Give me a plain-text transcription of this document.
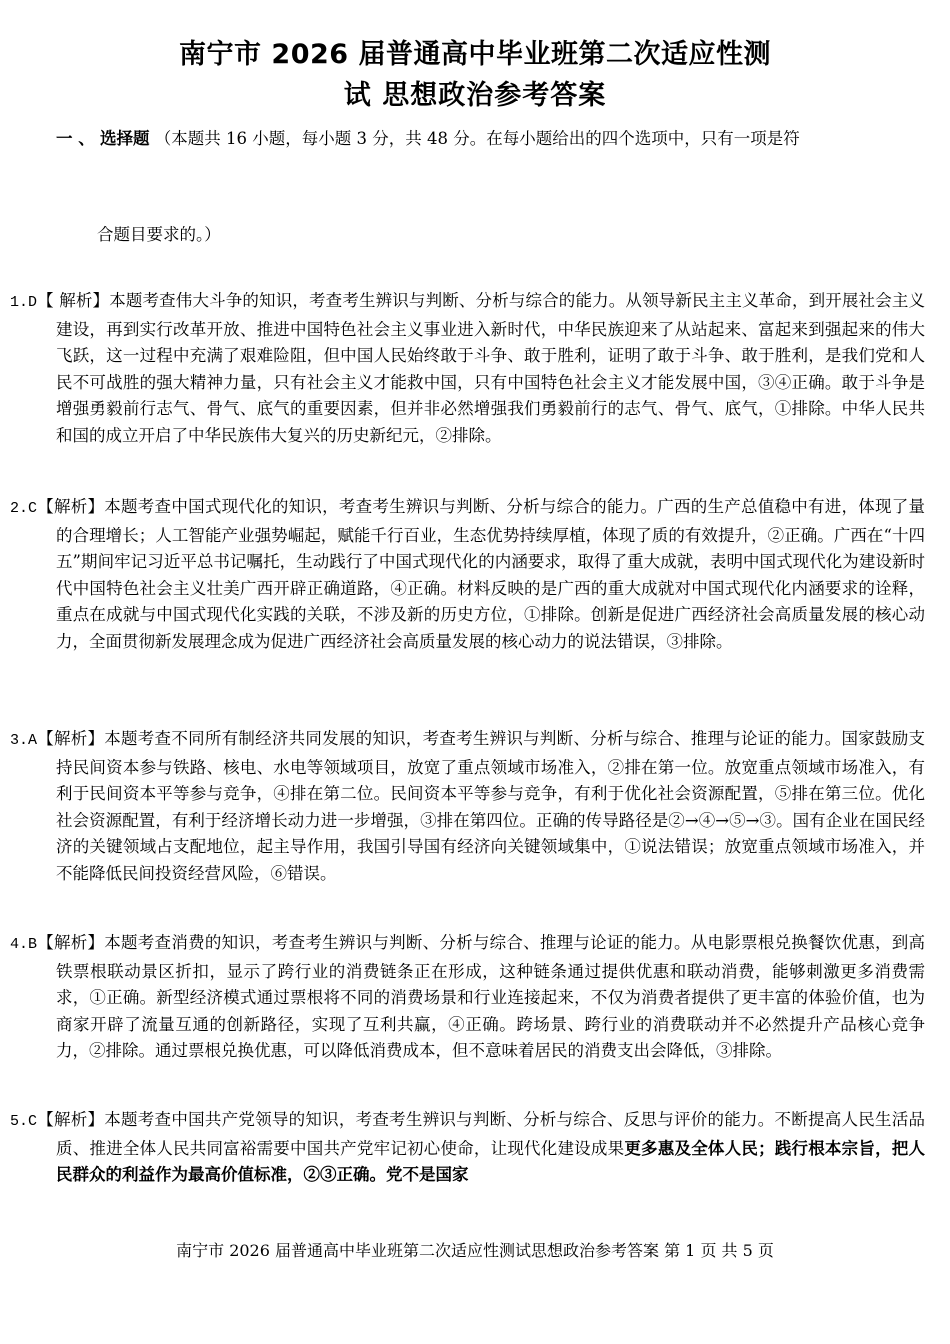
南宁市 2026 届普通高中毕业班第二次适应性测
试 思想政治参考答案
一 、 选择题 （本题共 16 小题，每小题 3 分，共 48 分。在每小题给出的四个选项中，只有一项是符
合题目要求的。）

1.D【 解析】本题考查伟大斗争的知识，考查考生辨识与判断、分析与综合的能力。从领导新民主主义革命，到开展社会主义建设，再到实行改革开放、推进中国特色社会主义事业进入新时代，中华民族迎来了从站起来、富起来到强起来的伟大飞跃，这一过程中充满了艰难险阻，但中国人民始终敢于斗争、敢于胜利，证明了敢于斗争、敢于胜利，是我们党和人民不可战胜的强大精神力量，只有社会主义才能救中国，只有中国特色社会主义才能发展中国，③④正确。敢于斗争是增强勇毅前行志气、骨气、底气的重要因素，但并非必然增强我们勇毅前行的志气、骨气、底气，①排除。中华人民共和国的成立开启了中华民族伟大复兴的历史新纪元，②排除。

2.C【解析】本题考查中国式现代化的知识，考查考生辨识与判断、分析与综合的能力。广西的生产总值稳中有进，体现了量的合理增长；人工智能产业强势崛起，赋能千行百业，生态优势持续厚植，体现了质的有效提升，②正确。广西在“十四五”期间牢记习近平总书记嘱托，生动践行了中国式现代化的内涵要求，取得了重大成就，表明中国式现代化为建设新时代中国特色社会主义壮美广西开辟正确道路，④正确。材料反映的是广西的重大成就对中国式现代化内涵要求的诠释，重点在成就与中国式现代化实践的关联，不涉及新的历史方位，①排除。创新是促进广西经济社会高质量发展的核心动力，全面贯彻新发展理念成为促进广西经济社会高质量发展的核心动力的说法错误，③排除。

3.A【解析】本题考查不同所有制经济共同发展的知识，考查考生辨识与判断、分析与综合、推理与论证的能力。国家鼓励支持民间资本参与铁路、核电、水电等领域项目，放宽了重点领域市场准入，②排在第一位。放宽重点领域市场准入，有利于民间资本平等参与竞争，④排在第二位。民间资本平等参与竞争，有利于优化社会资源配置，⑤排在第三位。优化社会资源配置，有利于经济增长动力进一步增强，③排在第四位。正确的传导路径是②→④→⑤→③。国有企业在国民经济的关键领域占支配地位，起主导作用，我国引导国有经济向关键领域集中，①说法错误；放宽重点领域市场准入，并不能降低民间投资经营风险，⑥错误。

4.B【解析】本题考查消费的知识，考查考生辨识与判断、分析与综合、推理与论证的能力。从电影票根兑换餐饮优惠，到高铁票根联动景区折扣，显示了跨行业的消费链条正在形成，这种链条通过提供优惠和联动消费，能够刺激更多消费需求，①正确。新型经济模式通过票根将不同的消费场景和行业连接起来，不仅为消费者提供了更丰富的体验价值，也为商家开辟了流量互通的创新路径，实现了互利共赢，④正确。跨场景、跨行业的消费联动并不必然提升产品核心竞争力，②排除。通过票根兑换优惠，可以降低消费成本，但不意味着居民的消费支出会降低，③排除。

5.C【解析】本题考查中国共产党领导的知识，考查考生辨识与判断、分析与综合、反思与评价的能力。不断提高人民生活品质、推进全体人民共同富裕需要中国共产党牢记初心使命，让现代化建设成果更多惠及全体人民；践行根本宗旨，把人民群众的利益作为最高价值标准，②③正确。党不是国家

南宁市 2026 届普通高中毕业班第二次适应性测试思想政治参考答案 第 1 页 共 5 页
